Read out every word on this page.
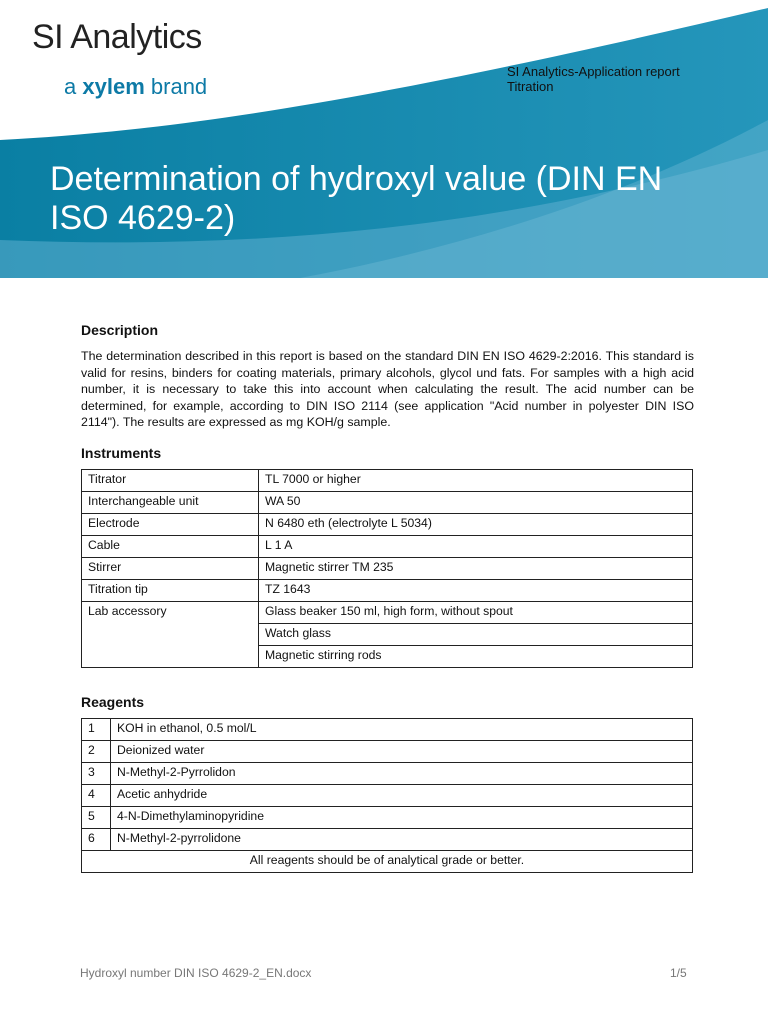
SI Analytics
a xylem brand
SI Analytics-Application report
Titration
Determination of hydroxyl value (DIN EN ISO 4629-2)
Description

The determination described in this report is based on the standard DIN EN ISO 4629-2:2016. This standard is valid for resins, binders for coating materials, primary alcohols, glycol und fats. For samples with a high acid number, it is necessary to take this into account when calculating the result. The acid number can be determined, for example, according to DIN ISO 2114 (see application "Acid number in polyester DIN ISO 2114"). The results are expressed as mg KOH/g sample.

Instruments
Titrator	TL 7000 or higher
Interchangeable unit	WA 50
Electrode	N 6480 eth (electrolyte L 5034)
Cable	L 1 A
Stirrer	Magnetic stirrer TM 235
Titration tip	TZ 1643
Lab accessory	Glass beaker 150 ml, high form, without spout
	Watch glass
	Magnetic stirring rods
Reagents
1	KOH in ethanol, 0.5 mol/L
2	Deionized water
3	N-Methyl-2-Pyrrolidon
4	Acetic anhydride
5	4-N-Dimethylaminopyridine
6	N-Methyl-2-pyrrolidone
All reagents should be of analytical grade or better.	
Hydroxyl number DIN ISO 4629-2_EN.docx	1/5
